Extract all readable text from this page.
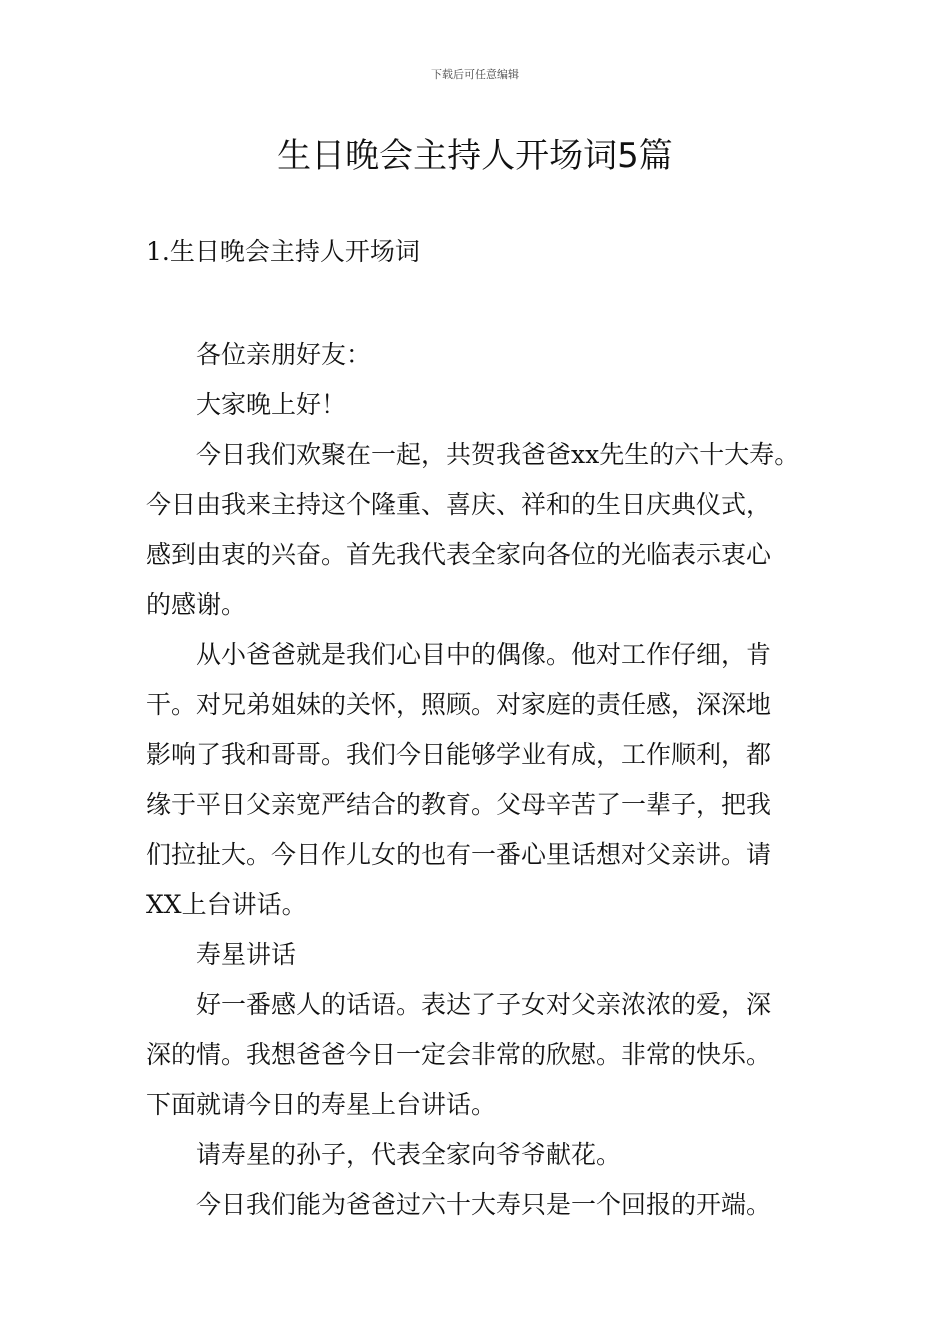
下载后可任意编辑
生日晚会主持人开场词5篇
1.生日晚会主持人开场词
各位亲朋好友：
大家晚上好！
今日我们欢聚在一起，共贺我爸爸xx先生的六十大寿。
今日由我来主持这个隆重、喜庆、祥和的生日庆典仪式，
感到由衷的兴奋。首先我代表全家向各位的光临表示衷心
的感谢。
从小爸爸就是我们心目中的偶像。他对工作仔细，肯
干。对兄弟姐妹的关怀，照顾。对家庭的责任感，深深地
影响了我和哥哥。我们今日能够学业有成，工作顺利，都
缘于平日父亲宽严结合的教育。父母辛苦了一辈子，把我
们拉扯大。今日作儿女的也有一番心里话想对父亲讲。请
XX上台讲话。
寿星讲话
好一番感人的话语。表达了子女对父亲浓浓的爱，深
深的情。我想爸爸今日一定会非常的欣慰。非常的快乐。
下面就请今日的寿星上台讲话。
请寿星的孙子，代表全家向爷爷献花。
今日我们能为爸爸过六十大寿只是一个回报的开端。
